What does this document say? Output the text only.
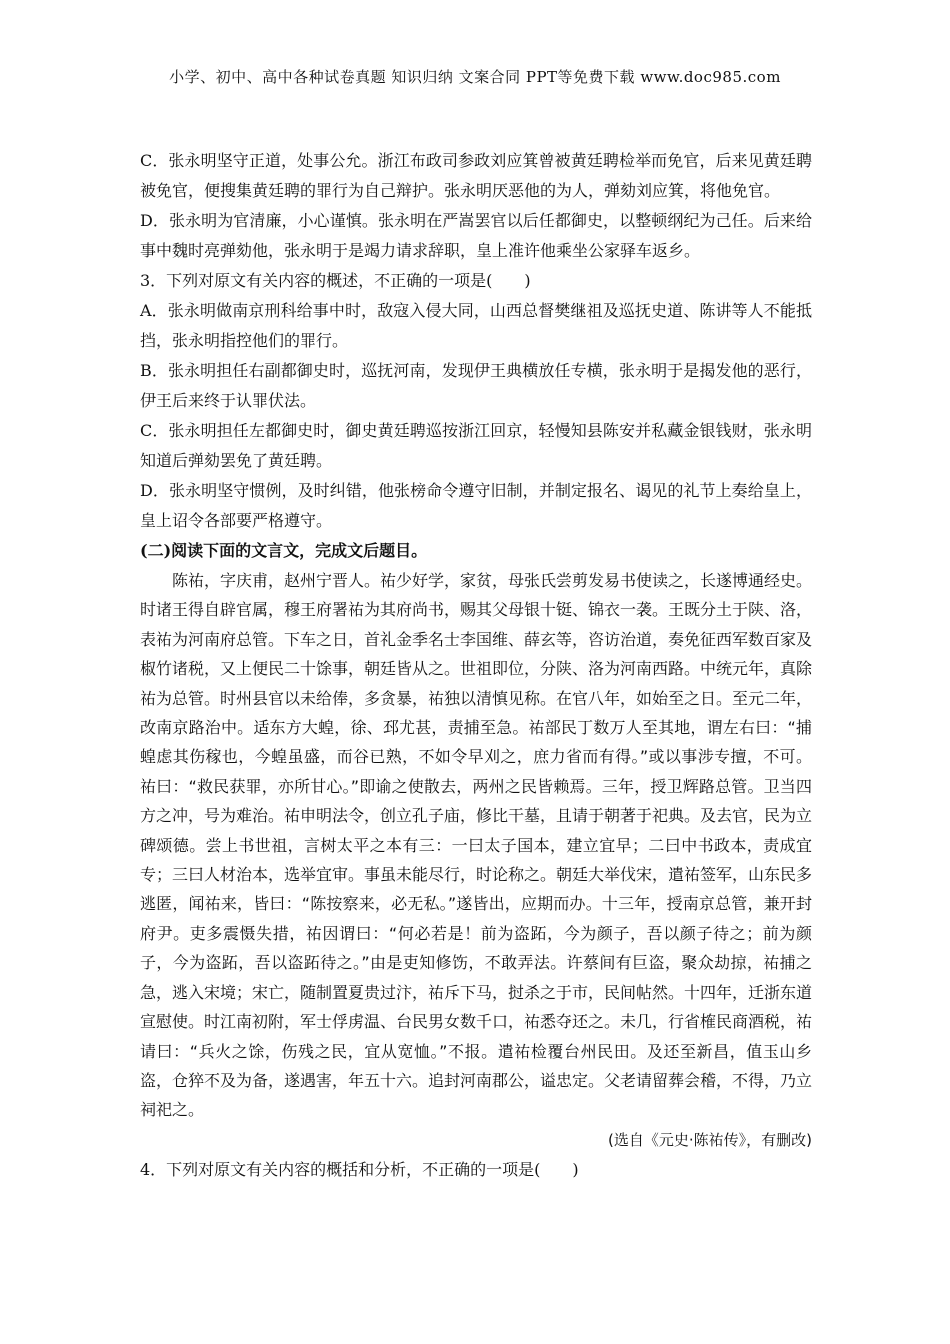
小学、初中、高中各种试卷真题 知识归纳 文案合同 PPT等免费下载 www.doc985.com

C．张永明坚守正道，处事公允。浙江布政司参政刘应箕曾被黄廷聘检举而免官，后来见黄廷聘被免官，便搜集黄廷聘的罪行为自己辩护。张永明厌恶他的为人，弹劾刘应箕，将他免官。

D．张永明为官清廉，小心谨慎。张永明在严嵩罢官以后任都御史，以整顿纲纪为己任。后来给事中魏时亮弹劾他，张永明于是竭力请求辞职，皇上准许他乘坐公家驿车返乡。

3．下列对原文有关内容的概述，不正确的一项是(　　)

A．张永明做南京刑科给事中时，敌寇入侵大同，山西总督樊继祖及巡抚史道、陈讲等人不能抵挡，张永明指控他们的罪行。

B．张永明担任右副都御史时，巡抚河南，发现伊王典横放任专横，张永明于是揭发他的恶行，伊王后来终于认罪伏法。

C．张永明担任左都御史时，御史黄廷聘巡按浙江回京，轻慢知县陈安并私藏金银钱财，张永明知道后弹劾罢免了黄廷聘。

D．张永明坚守惯例，及时纠错，他张榜命令遵守旧制，并制定报名、谒见的礼节上奏给皇上，皇上诏令各部要严格遵守。

(二)阅读下面的文言文，完成文后题目。

陈祐，字庆甫，赵州宁晋人。祐少好学，家贫，母张氏尝剪发易书使读之，长遂博通经史。时诸王得自辟官属，穆王府署祐为其府尚书，赐其父母银十铤、锦衣一袭。王既分土于陕、洛，表祐为河南府总管。下车之日，首礼金季名士李国维、薛玄等，咨访治道，奏免征西军数百家及椒竹诸税，又上便民二十馀事，朝廷皆从之。世祖即位，分陕、洛为河南西路。中统元年，真除祐为总管。时州县官以未给俸，多贪暴，祐独以清慎见称。在官八年，如始至之日。至元二年，改南京路治中。适东方大蝗，徐、邳尤甚，责捕至急。祐部民丁数万人至其地，谓左右曰：“捕蝗虑其伤稼也，今蝗虽盛，而谷已熟，不如令早刈之，庶力省而有得。”或以事涉专擅，不可。祐曰：“救民获罪，亦所甘心。”即谕之使散去，两州之民皆赖焉。三年，授卫辉路总管。卫当四方之冲，号为难治。祐申明法令，创立孔子庙，修比干墓，且请于朝著于祀典。及去官，民为立碑颂德。尝上书世祖，言树太平之本有三：一曰太子国本，建立宜早；二曰中书政本，责成宜专；三曰人材治本，选举宜审。事虽未能尽行，时论称之。朝廷大举伐宋，遣祐签军，山东民多逃匿，闻祐来，皆曰：“陈按察来，必无私。”遂皆出，应期而办。十三年，授南京总管，兼开封府尹。吏多震慑失措，祐因谓曰：“何必若是！前为盗跖，今为颜子，吾以颜子待之；前为颜子，今为盗跖，吾以盗跖待之。”由是吏知修饬，不敢弄法。许蔡间有巨盗，聚众劫掠，祐捕之急，逃入宋境；宋亡，随制置夏贵过汴，祐斥下马，挝杀之于市，民间帖然。十四年，迁浙东道宣慰使。时江南初附，军士俘虏温、台民男女数千口，祐悉夺还之。未几，行省榷民商酒税，祐请曰：“兵火之馀，伤残之民，宜从宽恤。”不报。遣祐检覆台州民田。及还至新昌，值玉山乡盗，仓猝不及为备，遂遇害，年五十六。追封河南郡公，谥忠定。父老请留葬会稽，不得，乃立祠祀之。

(选自《元史·陈祐传》，有删改)

4．下列对原文有关内容的概括和分析，不正确的一项是(　　)
